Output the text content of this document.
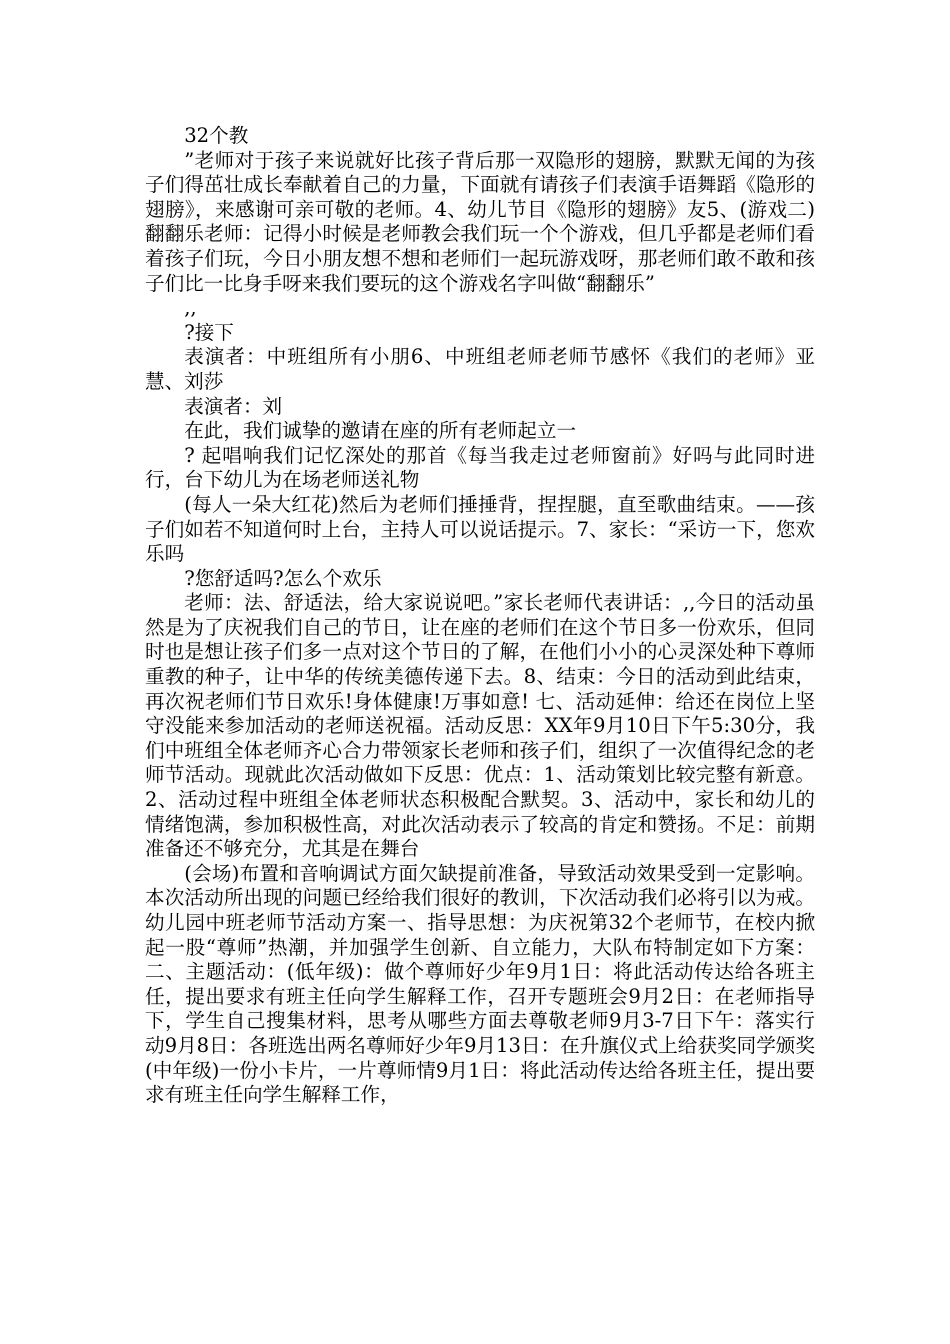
32个教

”老师对于孩子来说就好比孩子背后那一双隐形的翅膀，默默无闻的为孩子们得茁壮成长奉献着自己的力量，下面就有请孩子们表演手语舞蹈《隐形的翅膀》，来感谢可亲可敬的老师。4、幼儿节目《隐形的翅膀》友5、(游戏二)翻翻乐老师：记得小时候是老师教会我们玩一个个游戏，但几乎都是老师们看着孩子们玩，今日小朋友想不想和老师们一起玩游戏呀，那老师们敢不敢和孩子们比一比身手呀来我们要玩的这个游戏名字叫做“翻翻乐”

,,

?接下

表演者：中班组所有小朋6、中班组老师老师节感怀《我们的老师》亚慧、刘莎

表演者：刘

在此，我们诚挚的邀请在座的所有老师起立一

? 起唱响我们记忆深处的那首《每当我走过老师窗前》好吗与此同时进行，台下幼儿为在场老师送礼物

(每人一朵大红花)然后为老师们捶捶背，捏捏腿，直至歌曲结束。——孩子们如若不知道何时上台，主持人可以说话提示。7、家长：“采访一下，您欢乐吗

?您舒适吗?怎么个欢乐

老师：法、舒适法，给大家说说吧。”家长老师代表讲话：,,今日的活动虽然是为了庆祝我们自己的节日，让在座的老师们在这个节日多一份欢乐，但同时也是想让孩子们多一点对这个节日的了解，在他们小小的心灵深处种下尊师重教的种子，让中华的传统美德传递下去。8、结束：今日的活动到此结束，再次祝老师们节日欢乐!身体健康!万事如意! 七、活动延伸：给还在岗位上坚守没能来参加活动的老师送祝福。活动反思：XX年9月10日下午5:30分，我们中班组全体老师齐心合力带领家长老师和孩子们，组织了一次值得纪念的老师节活动。现就此次活动做如下反思：优点：1、活动策划比较完整有新意。2、活动过程中班组全体老师状态积极配合默契。3、活动中，家长和幼儿的情绪饱满，参加积极性高，对此次活动表示了较高的肯定和赞扬。不足：前期准备还不够充分，尤其是在舞台

(会场)布置和音响调试方面欠缺提前准备，导致活动效果受到一定影响。本次活动所出现的问题已经给我们很好的教训，下次活动我们必将引以为戒。幼儿园中班老师节活动方案一、指导思想：为庆祝第32个老师节，在校内掀起一股“尊师”热潮，并加强学生创新、自立能力，大队布特制定如下方案：二、主题活动：(低年级)：做个尊师好少年9月1日：将此活动传达给各班主任，提出要求有班主任向学生解释工作，召开专题班会9月2日：在老师指导下，学生自己搜集材料，思考从哪些方面去尊敬老师9月3-7日下午：落实行动9月8日：各班选出两名尊师好少年9月13日：在升旗仪式上给获奖同学颁奖(中年级)一份小卡片，一片尊师情9月1日：将此活动传达给各班主任，提出要求有班主任向学生解释工作，
